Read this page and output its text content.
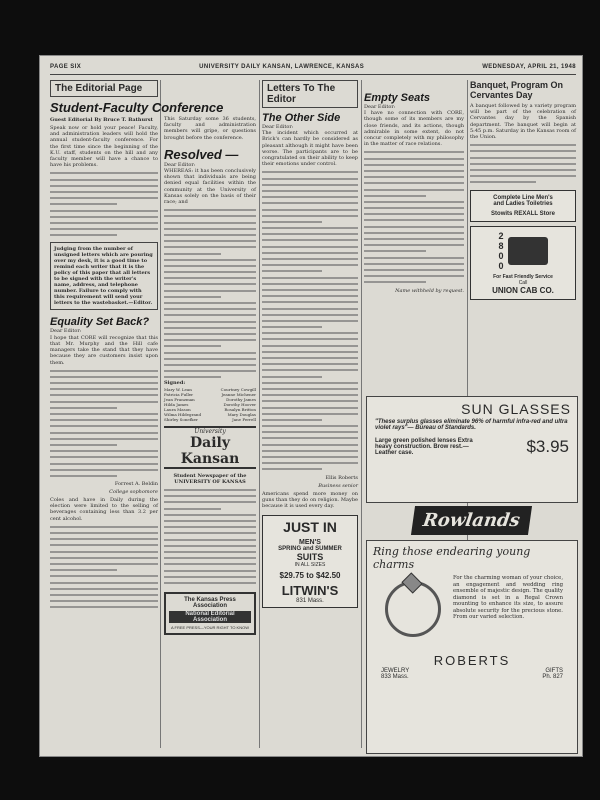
PAGE SIX	UNIVERSITY DAILY KANSAN, LAWRENCE, KANSAS	WEDNESDAY, APRIL 21, 1948
The Editorial Page
Student-Faculty Conference
Guest Editorial By Bruce T. Bathurst
Speak now or hold your peace! Faculty, and administration leaders will hold the annual student-faculty conference. For the first time since the beginning of the K.U. staff, students on the hill and any faculty member will have a chance to have his problems.
Judging from the number of unsigned letters which are pouring over my desk, it is a good time to remind each writer that it is the policy of this paper that all letters to be signed with the writer's name, address, and telephone number. Failure to comply with this requirement will send your letters to the wastebasket.—Editor.
Equality Set Back?
Dear Editor:
I hope that CORE will recognize that this that Mr. Murphy and the Hill cafe managers take the stand that they have because they are customers insist upon them.
Forrest A. Beldin
College sophomore
Coles and have in Daily during the election were limited to the selling of beverages containing less than 3.2 per cent alcohol.
This Saturday some 36 students, faculty and administration members will gripe, or questions brought before the conference.
Resolved —
Dear Editor:
WHEREAS: it has been conclusively shown that individuals are being denied equal facilities within the community at the University of Kansas solely on the basis of their race; and
Signed:
Mary W. Lean	Courtney Cowgill
Patricia Fuller	Jeanne Michener
Jean Franzman	Dorothy James
Hilda James	Dorothy Hoover
Laura Mason	Rosalyn Britton
Wilma Hildegrand	Mary Douglas
Shirley Sonefker	Jane Ferrell
University
Daily Kansan
Student Newspaper of the UNIVERSITY OF KANSAS
The Kansas Press Association
National Editorial Association
A FREE PRESS—YOUR RIGHT TO KNOW
Letters To The Editor
The Other Side
Dear Editor:
The incident which occurred at Brick's can hardly be considered as pleasant although it might have been worse. The participants are to be congratulated on their ability to keep their emotions under control.
Ellis Roberts
Business senior
Americans spend more money on guns than they do on religion. Maybe because it is used every day.
JUST IN
MEN'S
SPRING and SUMMER
SUITS
IN ALL SIZES
$29.75 to $42.50
LITWIN'S
831 Mass.
Empty Seats
Dear Editor:
I have no connection with CORE, though some of its members are my close friends, and its actions, though admirable in some extent, do not concur completely with my philosophy in the matter of race relations.
Name withheld by request.
Banquet, Program On Cervantes Day
A banquet followed by a variety program will be part of the celebration of Cervantes day by the Spanish department. The banquet will begin at 5:45 p.m. Saturday in the Kansas room of the Union.
Complete Line Men's
and Ladies Toiletries
Stowits REXALL Store
2
8
0
0
For Fast Friendly Service
Call
UNION CAB CO.
SUN GLASSES
"These surplus glasses eliminate 96% of harmful infra-red and ultra violet rays"— Bureau of Standards.
Large green polished lenses Extra heavy construction. Brow rest.—Leather case.	$3.95
Rowlands
Ring those endearing young charms
For the charming woman of your choice, an engagement and wedding ring ensemble of majestic design. The quality diamond is set in a Regal Crown mounting to enhance its size, to assure absolute security for the precious stone. From our varied selection.
ROBERTS
JEWELRY	GIFTS
833 Mass.	Ph. 827
